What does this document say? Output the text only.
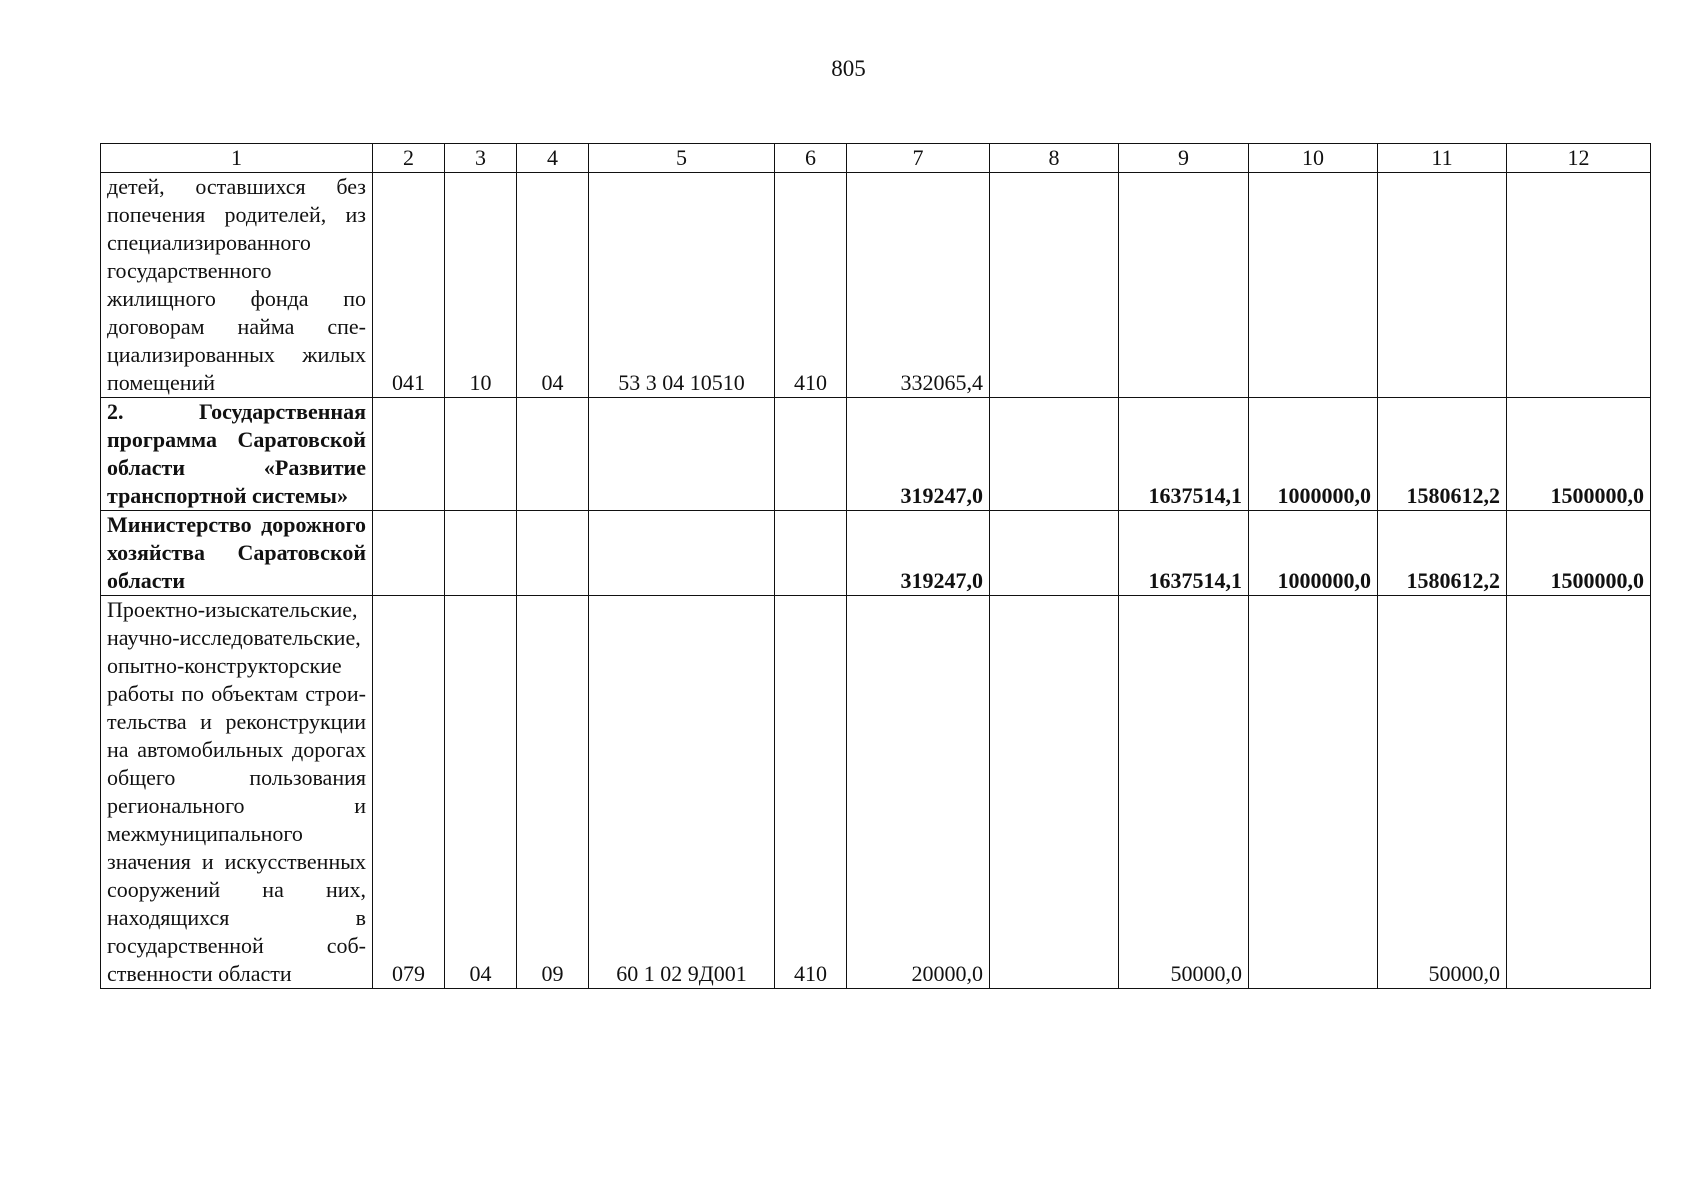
805
1	2	3	4	5	6	7	8	9	10	11	12
детей, оставшихся без попечения родителей, из специализированного государственного жилищного фонда по договорам найма специализированных жилых помещений	041	10	04	53 3 04 10510	410	332065,4					
2. Государственная программа Саратовской области «Развитие транспортной системы»						319247,0		1637514,1	1000000,0	1580612,2	1500000,0
Министерство дорожного хозяйства Саратовской области						319247,0		1637514,1	1000000,0	1580612,2	1500000,0
Проектно-изыскательские, научно-исследовательские, опытно-конструкторские работы по объектам строительства и реконструкции на автомобильных дорогах общего пользования регионального и межмуниципального значения и искусственных сооружений на них, находящихся в государственной собственности области	079	04	09	60 1 02 9Д001	410	20000,0		50000,0		50000,0	
